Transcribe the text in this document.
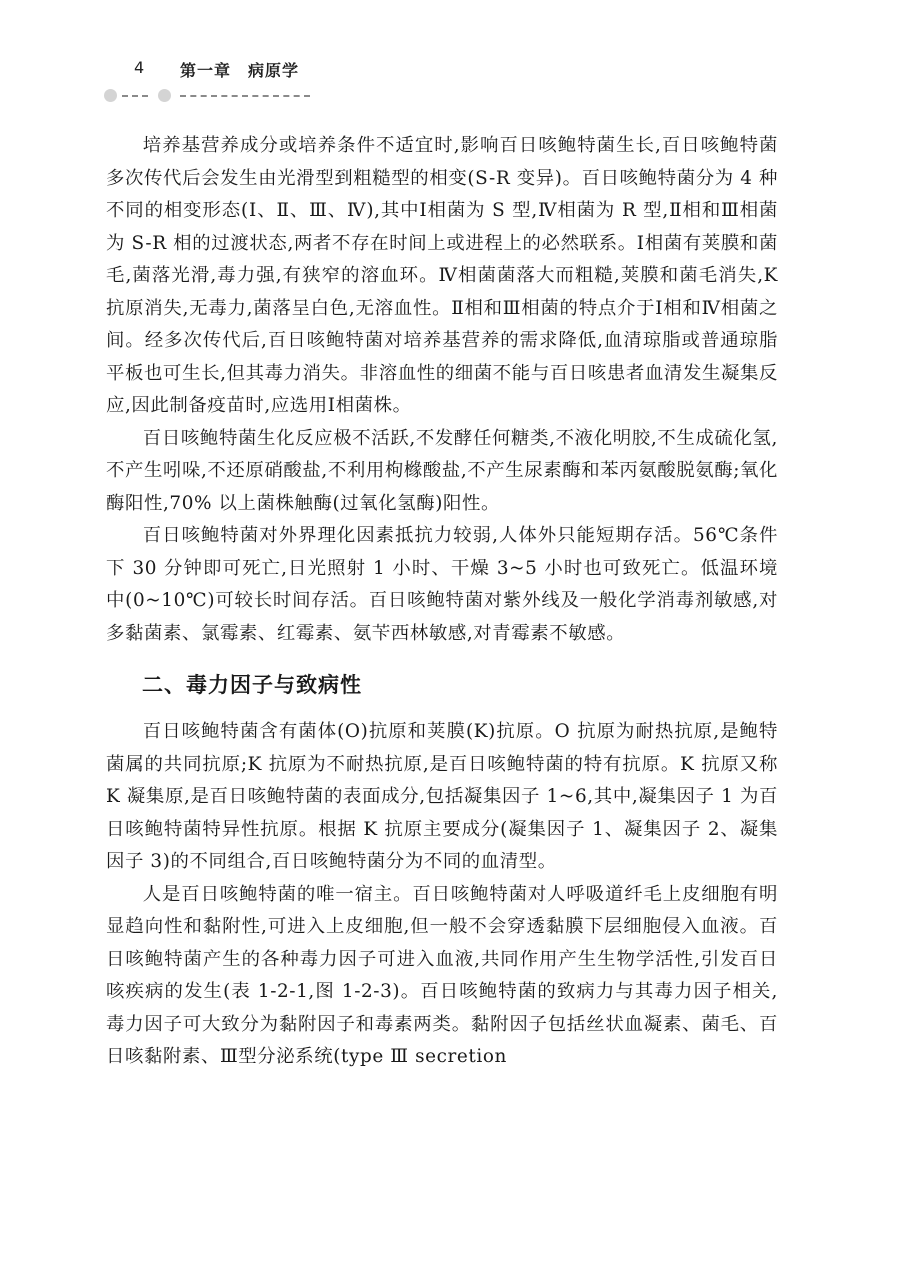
4 第一章　病原学

培养基营养成分或培养条件不适宜时,影响百日咳鲍特菌生长,百日咳鲍特菌多次传代后会发生由光滑型到粗糙型的相变(S-R 变异)。百日咳鲍特菌分为 4 种不同的相变形态(Ⅰ、Ⅱ、Ⅲ、Ⅳ),其中Ⅰ相菌为 S 型,Ⅳ相菌为 R 型,Ⅱ相和Ⅲ相菌为 S-R 相的过渡状态,两者不存在时间上或进程上的必然联系。Ⅰ相菌有荚膜和菌毛,菌落光滑,毒力强,有狭窄的溶血环。Ⅳ相菌菌落大而粗糙,荚膜和菌毛消失,K 抗原消失,无毒力,菌落呈白色,无溶血性。Ⅱ相和Ⅲ相菌的特点介于Ⅰ相和Ⅳ相菌之间。经多次传代后,百日咳鲍特菌对培养基营养的需求降低,血清琼脂或普通琼脂平板也可生长,但其毒力消失。非溶血性的细菌不能与百日咳患者血清发生凝集反应,因此制备疫苗时,应选用Ⅰ相菌株。

百日咳鲍特菌生化反应极不活跃,不发酵任何糖类,不液化明胶,不生成硫化氢,不产生吲哚,不还原硝酸盐,不利用枸橼酸盐,不产生尿素酶和苯丙氨酸脱氨酶;氧化酶阳性,70% 以上菌株触酶(过氧化氢酶)阳性。

百日咳鲍特菌对外界理化因素抵抗力较弱,人体外只能短期存活。56℃条件下 30 分钟即可死亡,日光照射 1 小时、干燥 3~5 小时也可致死亡。低温环境中(0~10℃)可较长时间存活。百日咳鲍特菌对紫外线及一般化学消毒剂敏感,对多黏菌素、氯霉素、红霉素、氨苄西林敏感,对青霉素不敏感。

二、毒力因子与致病性

百日咳鲍特菌含有菌体(O)抗原和荚膜(K)抗原。O 抗原为耐热抗原,是鲍特菌属的共同抗原;K 抗原为不耐热抗原,是百日咳鲍特菌的特有抗原。K 抗原又称 K 凝集原,是百日咳鲍特菌的表面成分,包括凝集因子 1~6,其中,凝集因子 1 为百日咳鲍特菌特异性抗原。根据 K 抗原主要成分(凝集因子 1、凝集因子 2、凝集因子 3)的不同组合,百日咳鲍特菌分为不同的血清型。

人是百日咳鲍特菌的唯一宿主。百日咳鲍特菌对人呼吸道纤毛上皮细胞有明显趋向性和黏附性,可进入上皮细胞,但一般不会穿透黏膜下层细胞侵入血液。百日咳鲍特菌产生的各种毒力因子可进入血液,共同作用产生生物学活性,引发百日咳疾病的发生(表 1-2-1,图 1-2-3)。百日咳鲍特菌的致病力与其毒力因子相关,毒力因子可大致分为黏附因子和毒素两类。黏附因子包括丝状血凝素、菌毛、百日咳黏附素、Ⅲ型分泌系统(type Ⅲ secretion
